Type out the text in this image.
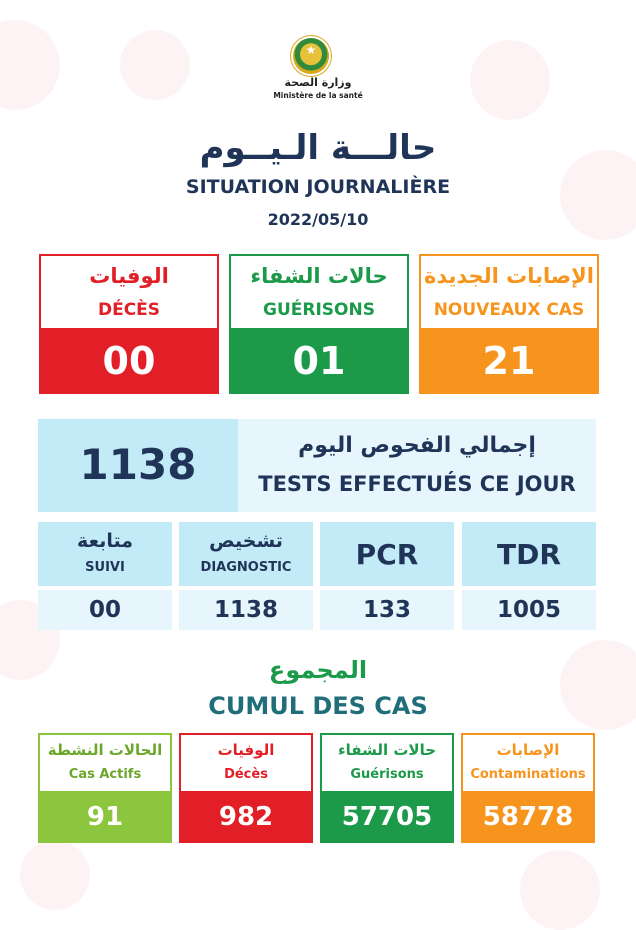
★
وزارة الصحة
Ministère de la santé
حالـــة الـيــوم
SITUATION JOURNALIÈRE
2022/05/10
الوفيات
DÉCÈS
00
حالات الشفاء
GUÉRISONS
01
الإصابات الجديدة
NOUVEAUX CAS
21
1138	إجمالي الفحوص اليوم
TESTS EFFECTUÉS CE JOUR
متابعة
SUIVI
00
تشخيص
DIAGNOSTIC
1138
PCR
133
TDR
1005
المجموع
CUMUL DES CAS
الحالات النشطة
Cas Actifs
91
الوفيات
Décès
982
حالات الشفاء
Guérisons
57705
الإصابات
Contaminations
58778
